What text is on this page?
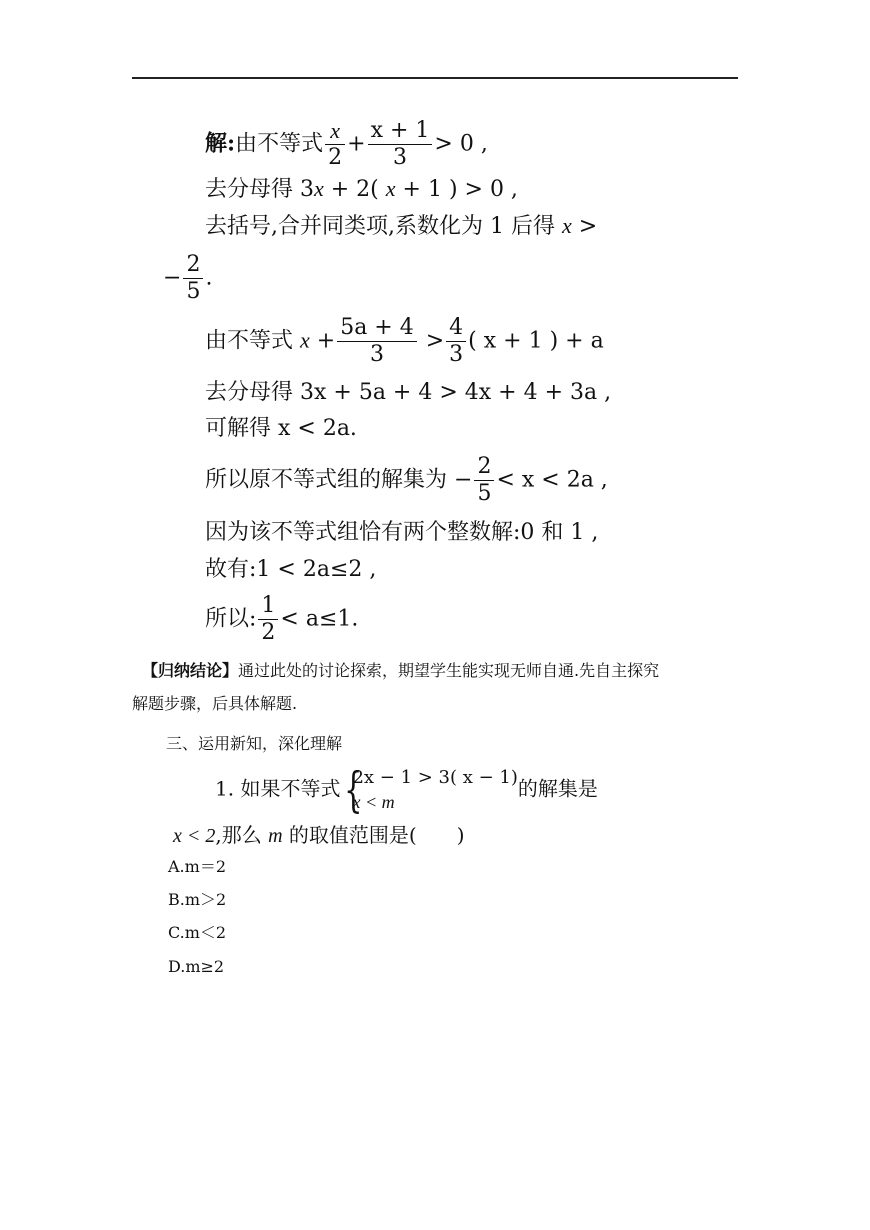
解:由不等式 $\frac{x}{2} + \frac{x + 1}{3} > 0$ ,
去分母得 3x + 2( x + 1 ) > 0 ,
去括号,合并同类项,系数化为 1 后得 x >
− $\frac{2}{5}$ .
由不等式 $x + \frac{5a + 4}{3} > \frac{4}{3}$ ( x + 1 ) + a
去分母得 3x + 5a + 4 > 4x + 4 + 3a ,
可解得 x < 2a.
所以原不等式组的解集为 − $\frac{2}{5} < x < 2a$ ,
因为该不等式组恰有两个整数解:0 和 1 ,
故有:1 < 2a≤2 ,
所以: $\frac{1}{2} < a\le 1$.
【归纳结论】通过此处的讨论探索，期望学生能实现无师自通.先自主探究
解题步骤，后具体解题.
三、运用新知，深化理解
1. 如果不等式 {
2x − 1 > 3( x − 1)
x < m
的解集是
x < 2,那么 m 的取值范围是( )
A.m＝2
B.m＞2
C.m＜2
D.m≥2
